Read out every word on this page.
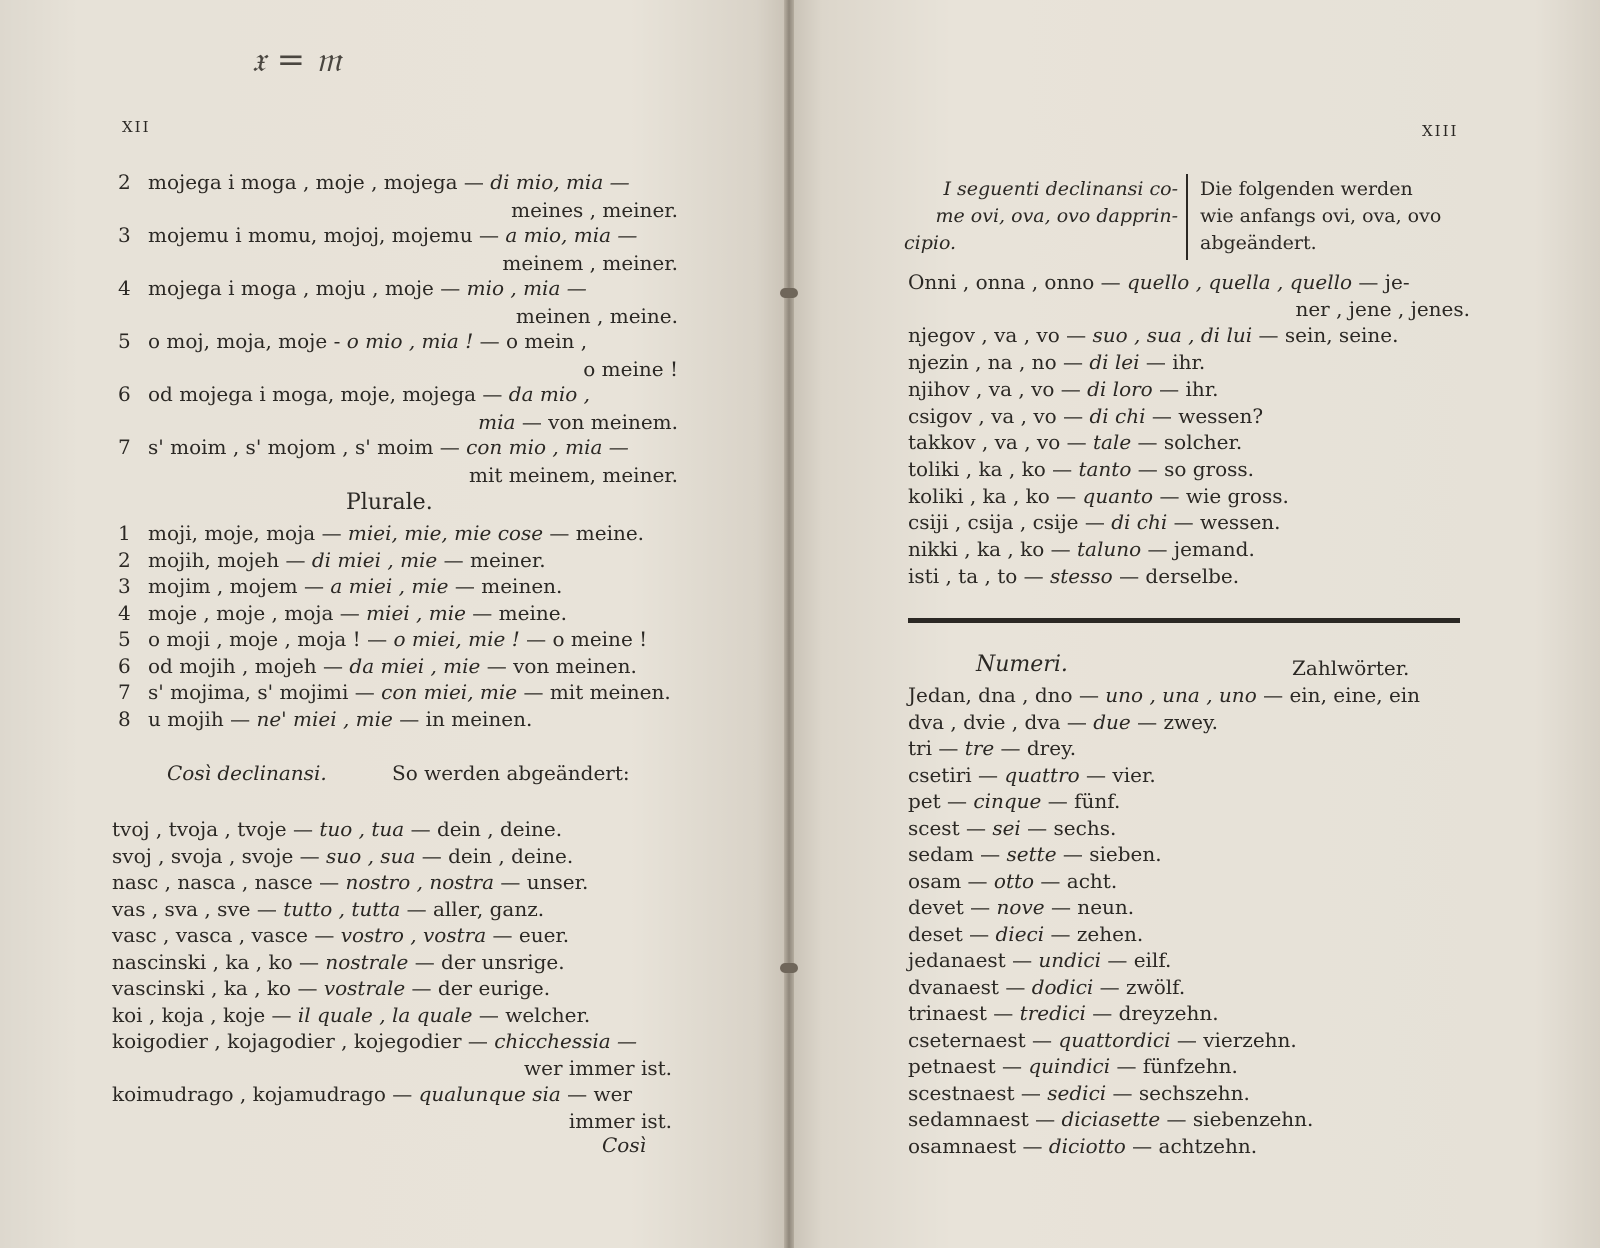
𝔵 = 𝔪
XII
2 mojega i moga , moje , mojega — di mio, mia —
meines , meiner.
3 mojemu i momu, mojoj, mojemu — a mio, mia —
meinem , meiner.
4 mojega i moga , moju , moje — mio , mia —
meinen , meine.
5 o moj, moja, moje - o mio , mia ! — o mein ,
o meine !
6 od mojega i moga, moje, mojega — da mio ,
mia — von meinem.
7 s' moim , s' mojom , s' moim — con mio , mia —
mit meinem, meiner.
Plurale.
1 moji, moje, moja — miei, mie, mie cose — meine.
2 mojih, mojeh — di miei , mie — meiner.
3 mojim , mojem — a miei , mie — meinen.
4 moje , moje , moja — miei , mie — meine.
5 o moji , moje , moja ! — o miei, mie ! — o meine !
6 od mojih , mojeh — da miei , mie — von meinen.
7 s' mojima, s' mojimi — con miei, mie — mit meinen.
8 u mojih — ne' miei , mie — in meinen.
Così declinansi.	So werden abgeändert:
tvoj , tvoja , tvoje — tuo , tua — dein , deine.
svoj , svoja , svoje — suo , sua — dein , deine.
nasc , nasca , nasce — nostro , nostra — unser.
vas , sva , sve — tutto , tutta — aller, ganz.
vasc , vasca , vasce — vostro , vostra — euer.
nascinski , ka , ko — nostrale — der unsrige.
vascinski , ka , ko — vostrale — der eurige.
koi , koja , koje — il quale , la quale — welcher.
koigodier , kojagodier , kojegodier — chicchessia —
wer immer ist.
koimudrago , kojamudrago — qualunque sia — wer
immer ist.
Così
XIII
I seguenti declinansi co-
me ovi, ova, ovo dapprin-
cipio.
Die folgenden werden
wie anfangs ovi, ova, ovo
abgeändert.
Onni , onna , onno — quello , quella , quello — je-
ner , jene , jenes.
njegov , va , vo — suo , sua , di lui — sein, seine.
njezin , na , no — di lei — ihr.
njihov , va , vo — di loro — ihr.
csigov , va , vo — di chi — wessen?
takkov , va , vo — tale — solcher.
toliki , ka , ko — tanto — so gross.
koliki , ka , ko — quanto — wie gross.
csiji , csija , csije — di chi — wessen.
nikki , ka , ko — taluno — jemand.
isti , ta , to — stesso — derselbe.
Numeri.	Zahlwörter.
Jedan, dna , dno — uno , una , uno — ein, eine, ein
dva , dvie , dva — due — zwey.
tri — tre — drey.
csetiri — quattro — vier.
pet — cinque — fünf.
scest — sei — sechs.
sedam — sette — sieben.
osam — otto — acht.
devet — nove — neun.
deset — dieci — zehen.
jedanaest — undici — eilf.
dvanaest — dodici — zwölf.
trinaest — tredici — dreyzehn.
cseternaest — quattordici — vierzehn.
petnaest — quindici — fünfzehn.
scestnaest — sedici — sechszehn.
sedamnaest — diciasette — siebenzehn.
osamnaest — diciotto — achtzehn.
